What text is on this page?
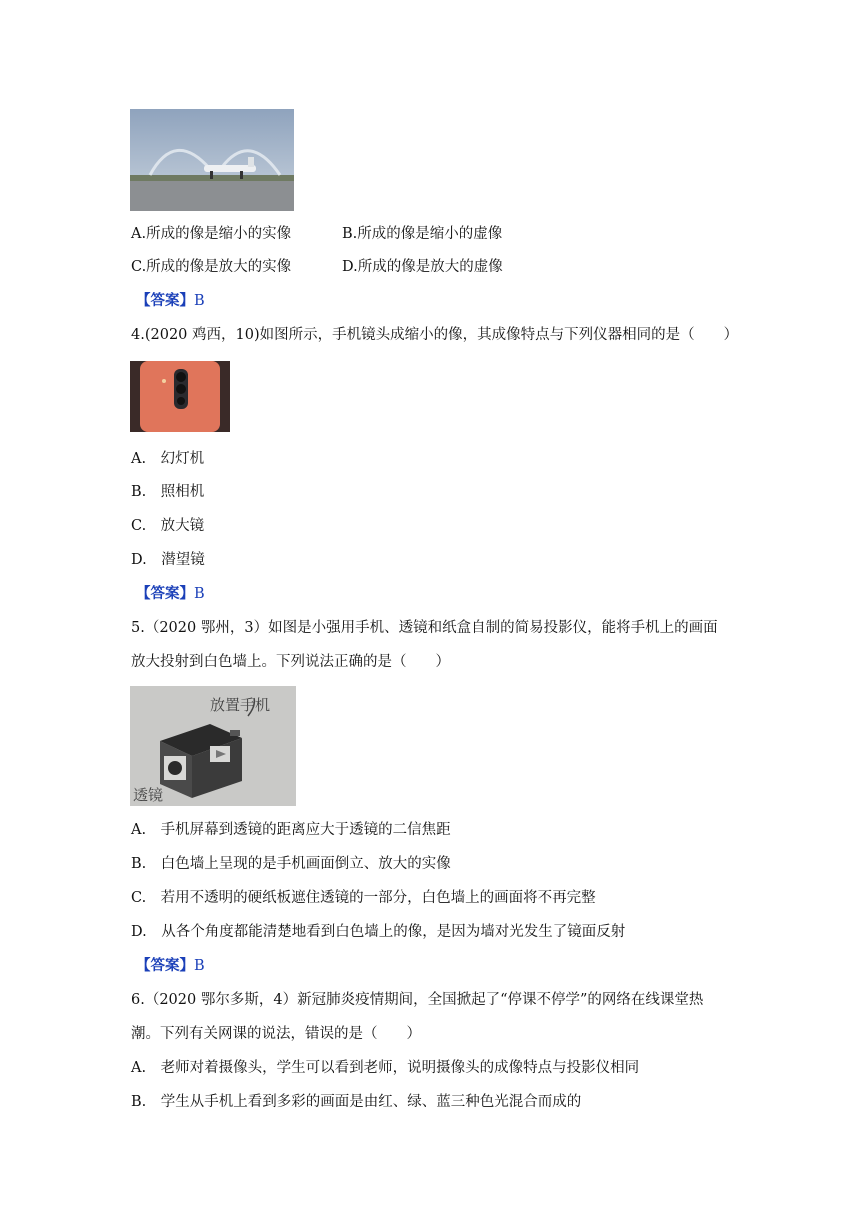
A.所成的像是缩小的实像	B.所成的像是缩小的虚像
C.所成的像是放大的实像	D.所成的像是放大的虚像
【答案】B
4.(2020 鸡西，10)如图所示，手机镜头成缩小的像，其成像特点与下列仪器相同的是（　　）
A.　幻灯机
B.　照相机
C.　放大镜
D.　潜望镜
【答案】B
5.（2020 鄂州，3）如图是小强用手机、透镜和纸盒自制的简易投影仪，能将手机上的画面
放大投射到白色墙上。下列说法正确的是（　　）
放置手机
透镜
A.　手机屏幕到透镜的距离应大于透镜的二信焦距
B.　白色墙上呈现的是手机画面倒立、放大的实像
C.　若用不透明的硬纸板遮住透镜的一部分，白色墙上的画面将不再完整
D.　从各个角度都能清楚地看到白色墙上的像，是因为墙对光发生了镜面反射
【答案】B
6.（2020 鄂尔多斯，4）新冠肺炎疫情期间，全国掀起了“停课不停学”的网络在线课堂热
潮。下列有关网课的说法，错误的是（　　）
A.　老师对着摄像头，学生可以看到老师，说明摄像头的成像特点与投影仪相同
B.　学生从手机上看到多彩的画面是由红、绿、蓝三种色光混合而成的
